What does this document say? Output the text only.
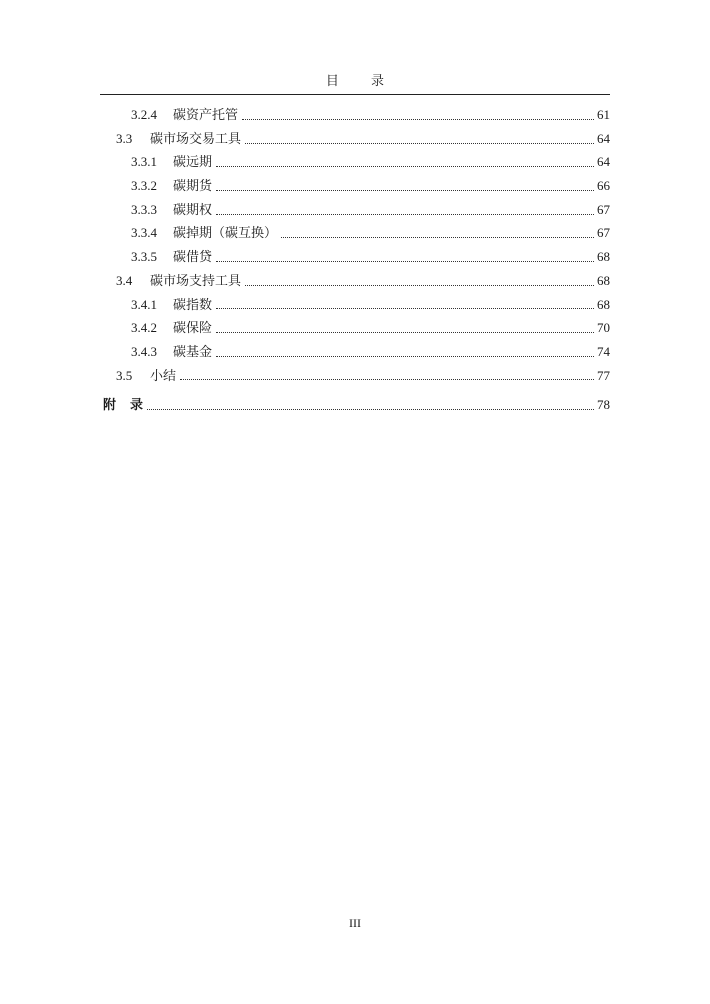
目 录
3.2.4	碳资产托管	61
3.3	碳市场交易工具	64
3.3.1	碳远期	64
3.3.2	碳期货	66
3.3.3	碳期权	67
3.3.4	碳掉期（碳互换）	67
3.3.5	碳借贷	68
3.4	碳市场支持工具	68
3.4.1	碳指数	68
3.4.2	碳保险	70
3.4.3	碳基金	74
3.5	小结	77
附录	78
III
